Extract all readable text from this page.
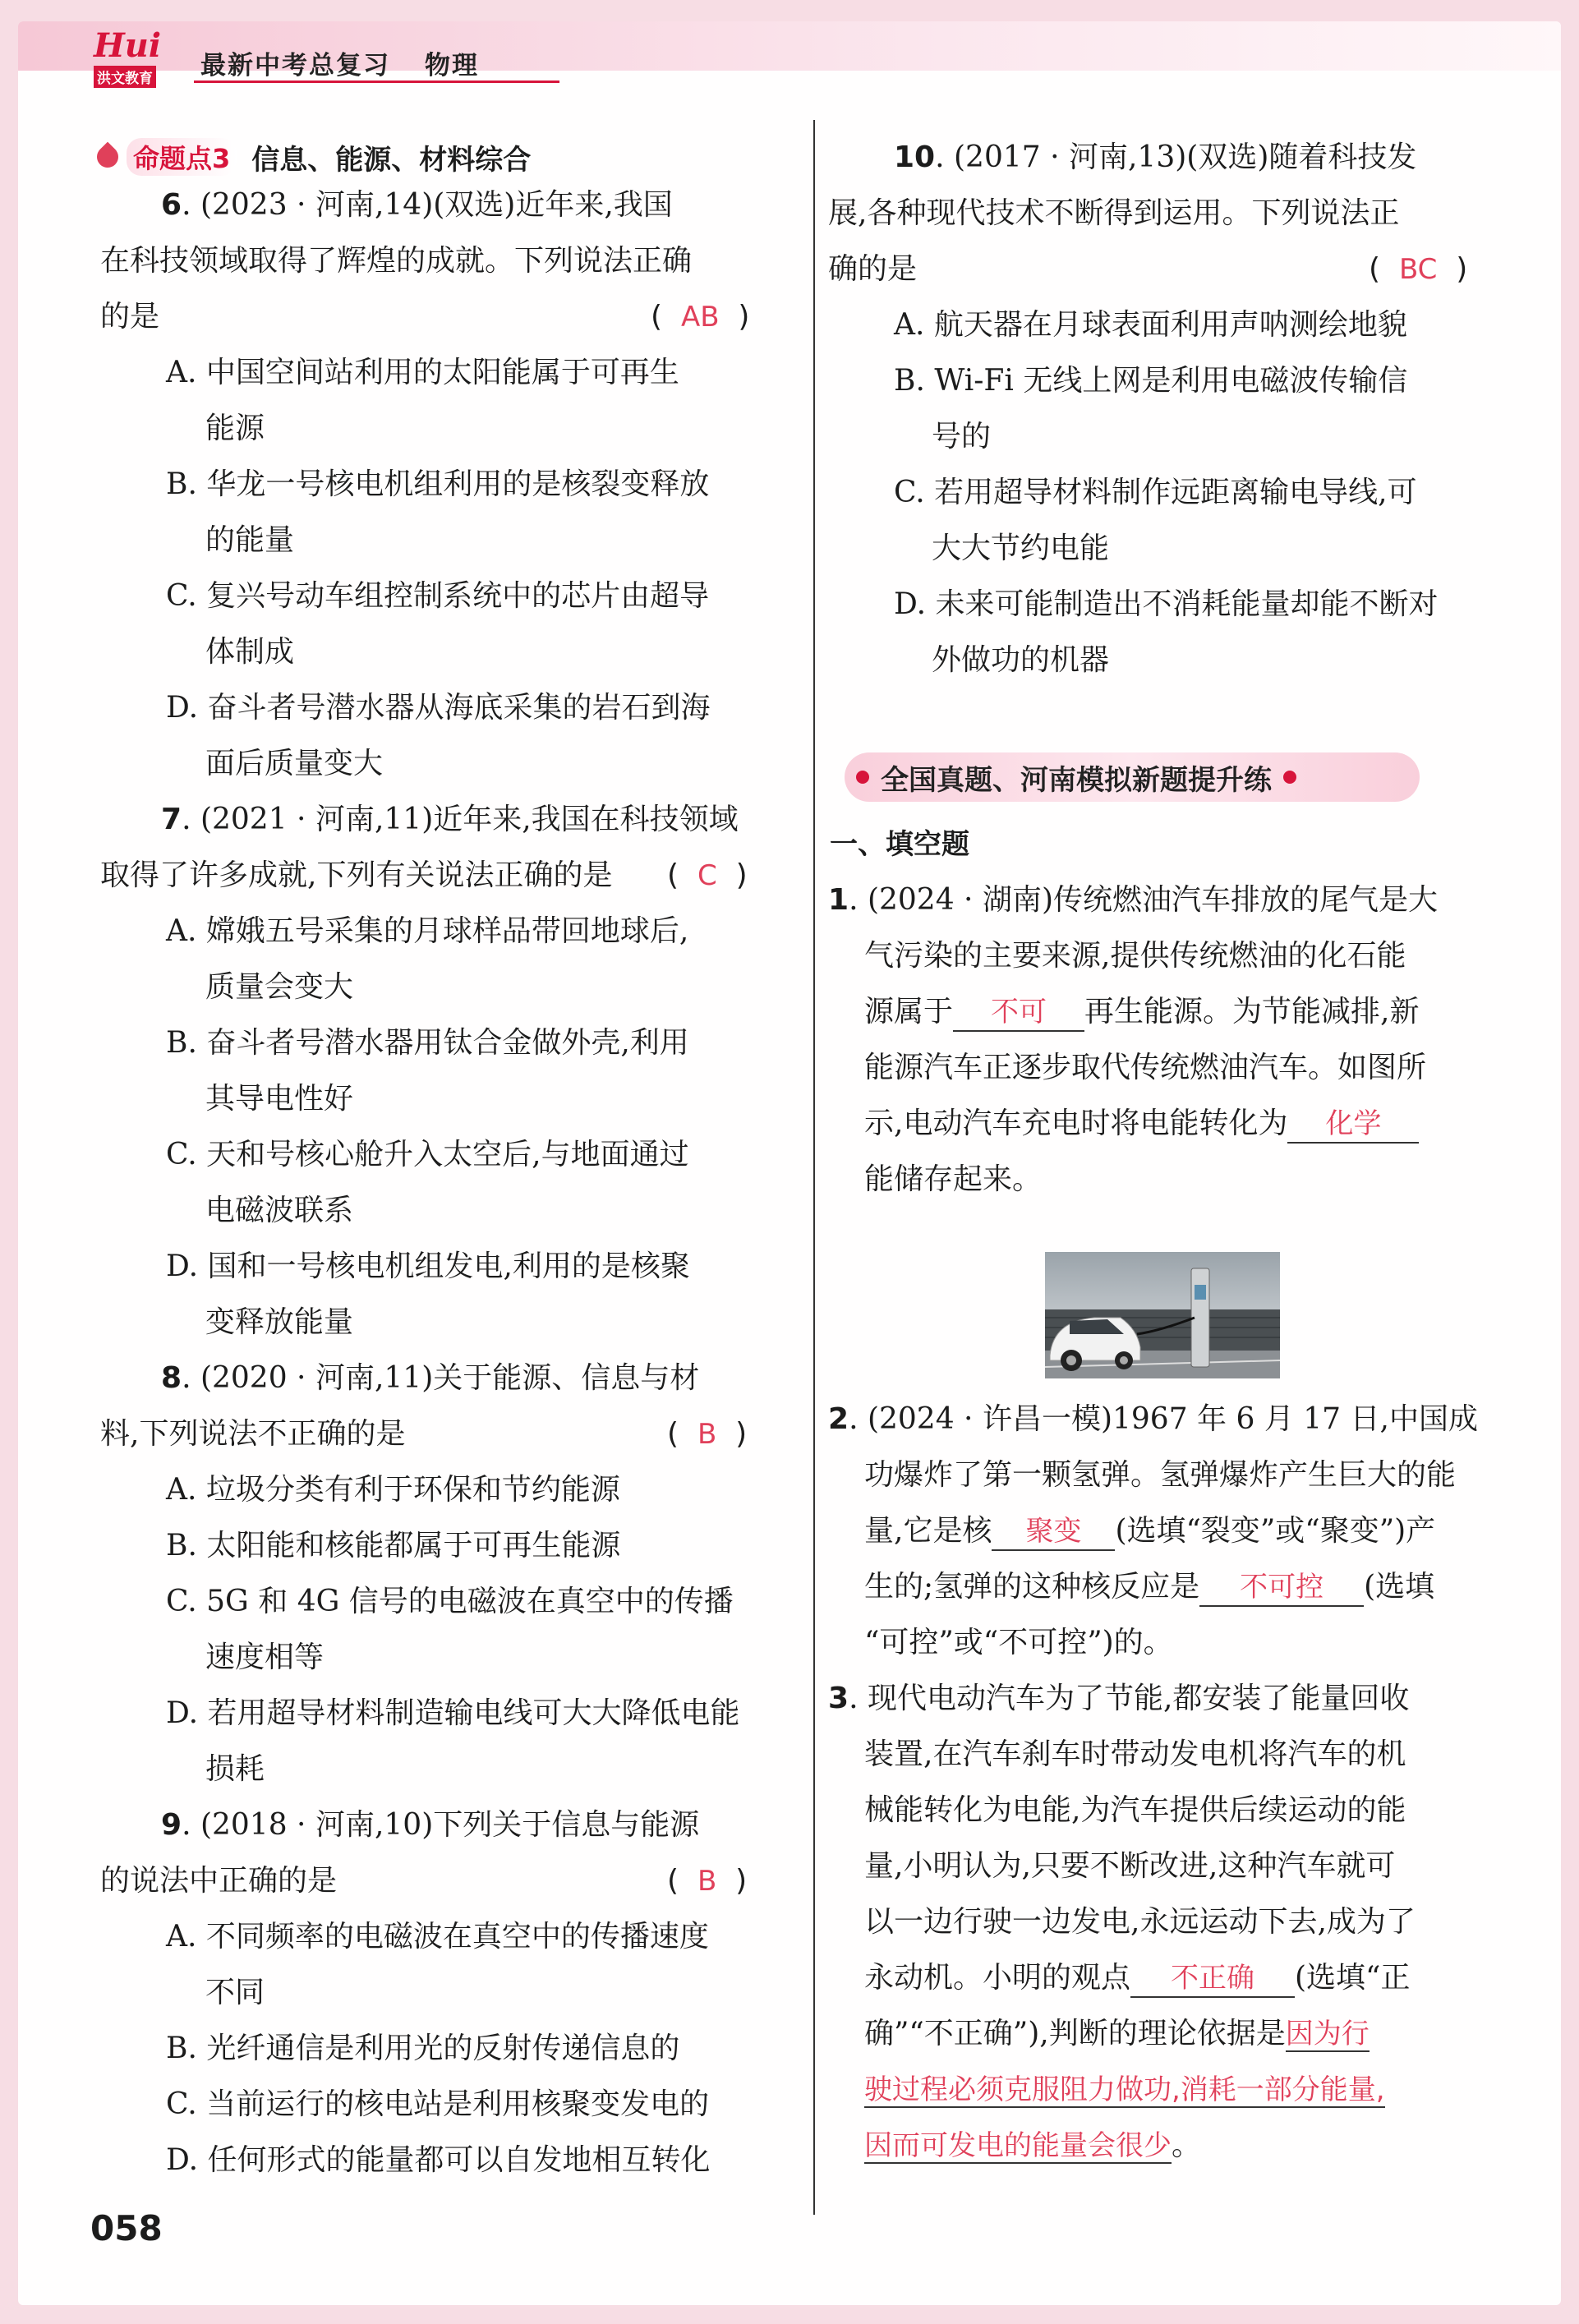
Hui
洪文教育 最新中考总复习 物理
命题点3 信息、能源、材料综合
6. (2023 · 河南,14)(双选)近年来,我国
在科技领域取得了辉煌的成就。下列说法正确
的是	( AB )
A. 中国空间站利用的太阳能属于可再生
能源
B. 华龙一号核电机组利用的是核裂变释放
的能量
C. 复兴号动车组控制系统中的芯片由超导
体制成
D. 奋斗者号潜水器从海底采集的岩石到海
面后质量变大
7. (2021 · 河南,11)近年来,我国在科技领域
取得了许多成就,下列有关说法正确的是 ( C )
A. 嫦娥五号采集的月球样品带回地球后,
质量会变大
B. 奋斗者号潜水器用钛合金做外壳,利用
其导电性好
C. 天和号核心舱升入太空后,与地面通过
电磁波联系
D. 国和一号核电机组发电,利用的是核聚
变释放能量
8. (2020 · 河南,11)关于能源、信息与材
料,下列说法不正确的是	( B )
A. 垃圾分类有利于环保和节约能源
B. 太阳能和核能都属于可再生能源
C. 5G 和 4G 信号的电磁波在真空中的传播
速度相等
D. 若用超导材料制造输电线可大大降低电能
损耗
9. (2018 · 河南,10)下列关于信息与能源
的说法中正确的是	( B )
A. 不同频率的电磁波在真空中的传播速度
不同
B. 光纤通信是利用光的反射传递信息的
C. 当前运行的核电站是利用核聚变发电的
D. 任何形式的能量都可以自发地相互转化
10. (2017 · 河南,13)(双选)随着科技发
展,各种现代技术不断得到运用。下列说法正
确的是	( BC )
A. 航天器在月球表面利用声呐测绘地貌
B. Wi-Fi 无线上网是利用电磁波传输信
号的
C. 若用超导材料制作远距离输电导线,可
大大节约电能
D. 未来可能制造出不消耗能量却能不断对
外做功的机器
全国真题、河南模拟新题提升练
一、填空题
1. (2024 · 湖南)传统燃油汽车排放的尾气是大
气污染的主要来源,提供传统燃油的化石能
源属于 不可 再生能源。为节能减排,新
能源汽车正逐步取代传统燃油汽车。如图所
示,电动汽车充电时将电能转化为 化学
能储存起来。
2. (2024 · 许昌一模)1967 年 6 月 17 日,中国成
功爆炸了第一颗氢弹。氢弹爆炸产生巨大的能
量,它是核 聚变 (选填“裂变”或“聚变”)产
生的;氢弹的这种核反应是 不可控 (选填
“可控”或“不可控”)的。
3. 现代电动汽车为了节能,都安装了能量回收
装置,在汽车刹车时带动发电机将汽车的机
械能转化为电能,为汽车提供后续运动的能
量,小明认为,只要不断改进,这种汽车就可
以一边行驶一边发电,永远运动下去,成为了
永动机。小明的观点 不正确 (选填“正
确”“不正确”),判断的理论依据是因为行
驶过程必须克服阻力做功,消耗一部分能量,
因而可发电的能量会很少。
058
